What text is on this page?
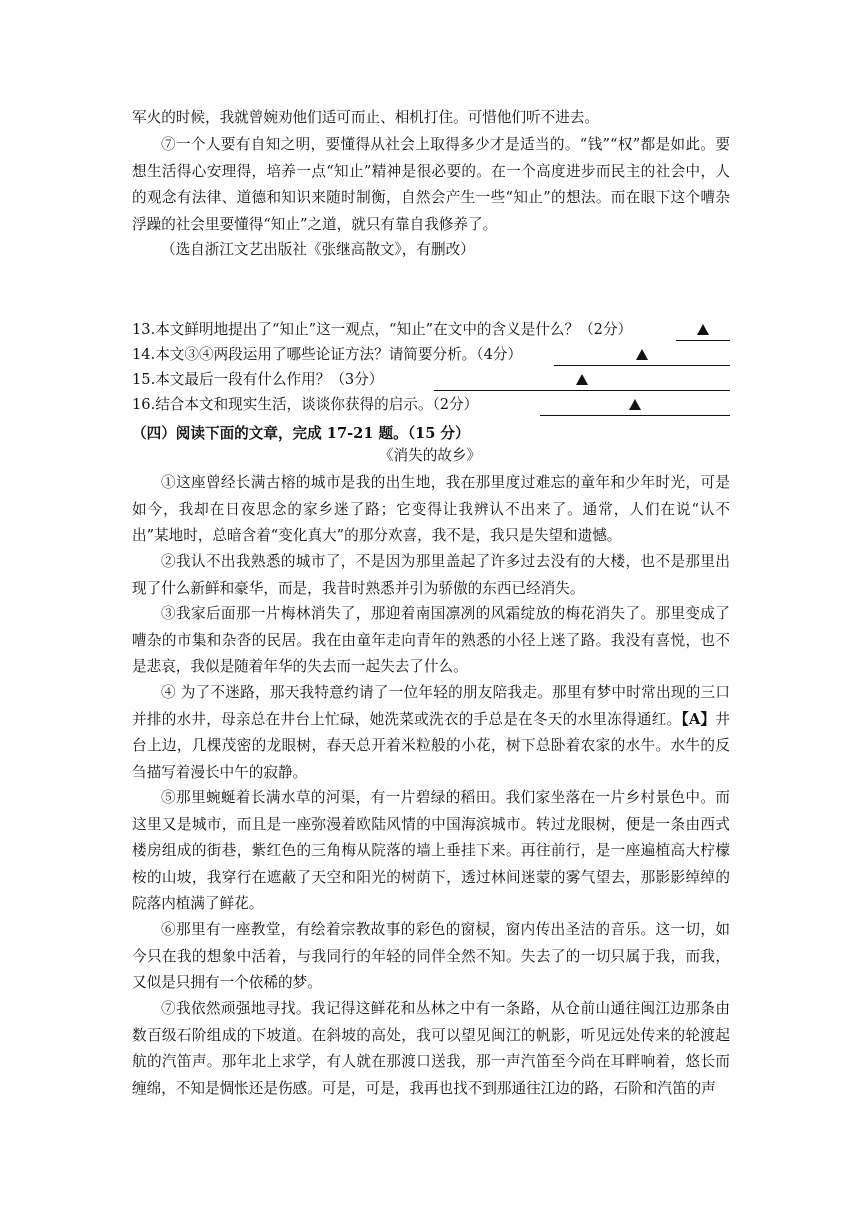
军火的时候，我就曾婉劝他们适可而止、相机打住。可惜他们听不进去。

⑦一个人要有自知之明，要懂得从社会上取得多少才是适当的。“钱”“权”都是如此。要想生活得心安理得，培养一点“知止”精神是很必要的。在一个高度进步而民主的社会中，人的观念有法律、道德和知识来随时制衡，自然会产生一些“知止”的想法。而在眼下这个嘈杂浮躁的社会里要懂得“知止”之道，就只有靠自我修养了。

（选自浙江文艺出版社《张继高散文》，有删改）

13.本文鲜明地提出了“知止”这一观点，“知止”在文中的含义是什么？（2分）
14.本文③④两段运用了哪些论证方法？请简要分析。（4分）
15.本文最后一段有什么作用？（3分）
16.结合本文和现实生活，谈谈你获得的启示。（2分）

（四）阅读下面的文章，完成 17-21 题。（15 分）

《消失的故乡》

①这座曾经长满古榕的城市是我的出生地，我在那里度过难忘的童年和少年时光，可是如今，我却在日夜思念的家乡迷了路；它变得让我辨认不出来了。通常，人们在说“认不出”某地时，总暗含着“变化真大”的那分欢喜，我不是，我只是失望和遗憾。

②我认不出我熟悉的城市了，不是因为那里盖起了许多过去没有的大楼，也不是那里出现了什么新鲜和豪华，而是，我昔时熟悉并引为骄傲的东西已经消失。

③我家后面那一片梅林消失了，那迎着南国凛冽的风霜绽放的梅花消失了。那里变成了嘈杂的市集和杂沓的民居。我在由童年走向青年的熟悉的小径上迷了路。我没有喜悦，也不是悲哀，我似是随着年华的失去而一起失去了什么。

④ 为了不迷路，那天我特意约请了一位年轻的朋友陪我走。那里有梦中时常出现的三口并排的水井，母亲总在井台上忙碌，她洗菜或洗衣的手总是在冬天的水里冻得通红。【A】井台上边，几棵茂密的龙眼树，春天总开着米粒般的小花，树下总卧着农家的水牛。水牛的反刍描写着漫长中午的寂静。

⑤那里蜿蜒着长满水草的河渠，有一片碧绿的稻田。我们家坐落在一片乡村景色中。而这里又是城市，而且是一座弥漫着欧陆风情的中国海滨城市。转过龙眼树，便是一条由西式楼房组成的街巷，紫红色的三角梅从院落的墙上垂挂下来。再往前行，是一座遍植高大柠檬桉的山坡，我穿行在遮蔽了天空和阳光的树荫下，透过林间迷蒙的雾气望去，那影影绰绰的院落内植满了鲜花。

⑥那里有一座教堂，有绘着宗教故事的彩色的窗棂，窗内传出圣洁的音乐。这一切，如今只在我的想象中活着，与我同行的年轻的同伴全然不知。失去了的一切只属于我，而我，又似是只拥有一个依稀的梦。

⑦我依然顽强地寻找。我记得这鲜花和丛林之中有一条路，从仓前山通往闽江边那条由数百级石阶组成的下坡道。在斜坡的高处，我可以望见闽江的帆影，听见远处传来的轮渡起航的汽笛声。那年北上求学，有人就在那渡口送我，那一声汽笛至今尚在耳畔响着，悠长而缠绵，不知是惆怅还是伤感。可是，可是，我再也找不到那通往江边的路，石阶和汽笛的声
